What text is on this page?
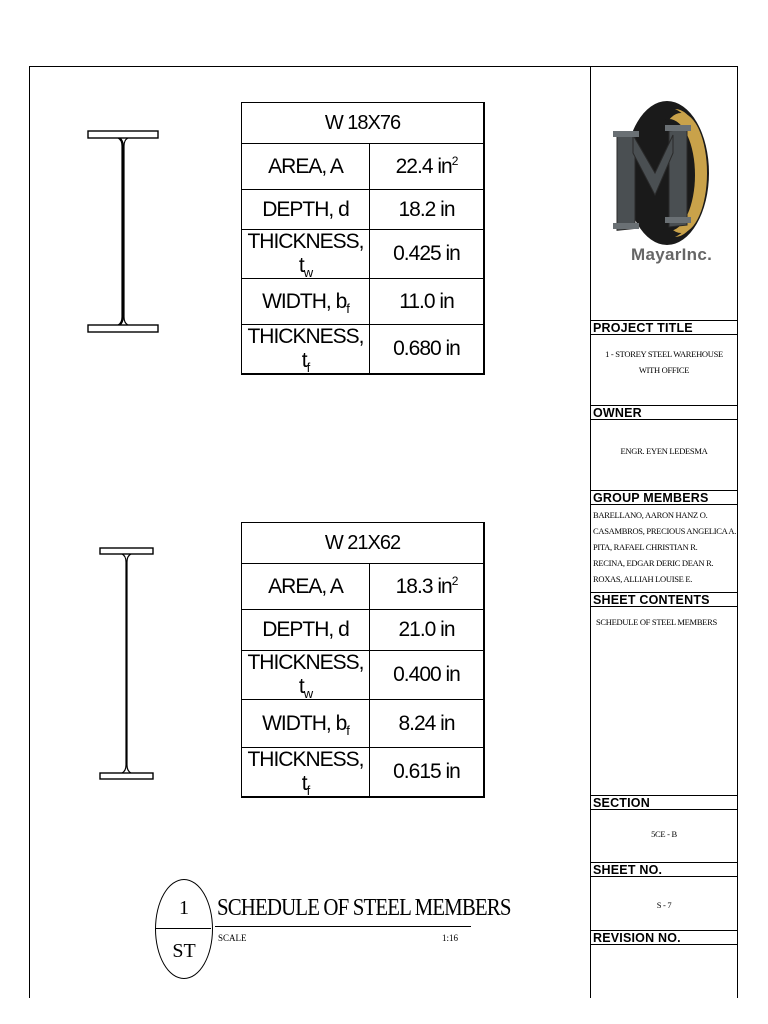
W 18X76	
AREA, A	22.4 $in^2$
DEPTH, d	18.2 in
THICKNESS, $t_w$	0.425 in
WIDTH, $b_f$	11.0 in
THICKNESS, $t_f$	0.680 in
W 21X62	
AREA, A	18.3 $in^2$
DEPTH, d	21.0 in
THICKNESS, $t_w$	0.400 in
WIDTH, $b_f$	8.24 in
THICKNESS, $t_f$	0.615 in
1
ST
SCHEDULE OF STEEL MEMBERS
SCALE	1:16
MayarInc.
PROJECT TITLE
1 - STOREY STEEL WAREHOUSE
WITH OFFICE
OWNER
ENGR. EYEN LEDESMA
GROUP MEMBERS
BARELLANO, AARON HANZ O.
CASAMBROS, PRECIOUS ANGELICA A.
PITA, RAFAEL CHRISTIAN R.
RECINA, EDGAR DERIC DEAN R.
ROXAS, ALLIAH LOUISE E.
SHEET CONTENTS
SCHEDULE OF STEEL MEMBERS
SECTION
5CE - B
SHEET NO.
S - 7
REVISION NO.
